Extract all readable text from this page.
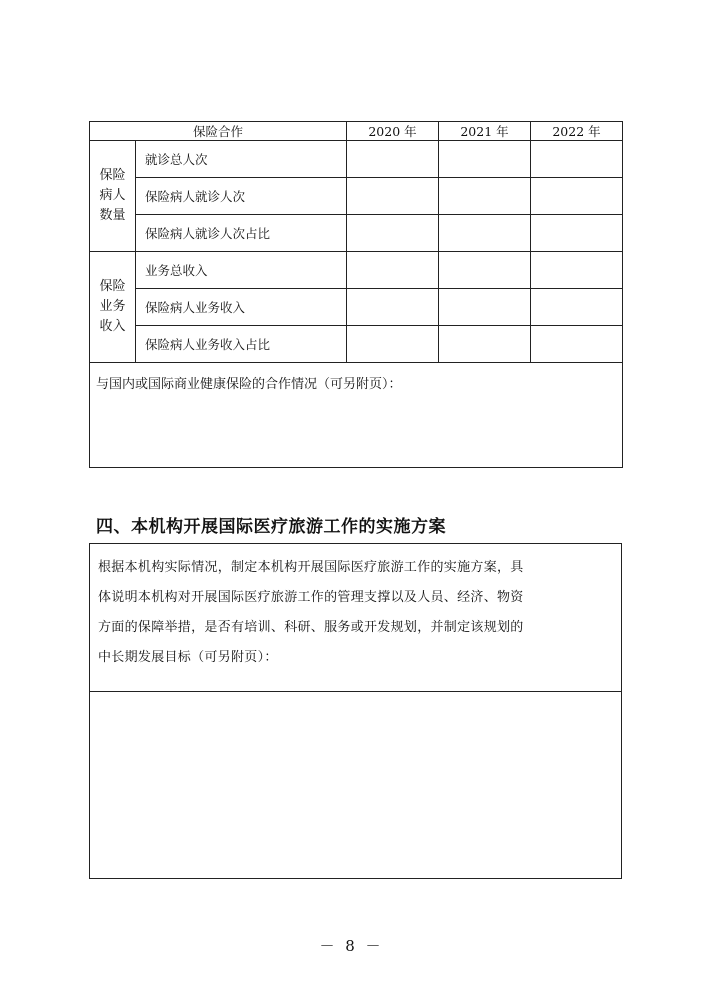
保险合作		2020 年	2021 年	2022 年

保险
病人
数量	就诊总人次			
	保险病人就诊人次			
	保险病人就诊人次占比			

保险
业务
收入	业务总收入			
	保险病人业务收入			
	保险病人业务收入占比			

与国内或国际商业健康保险的合作情况（可另附页）：				
四、本机构开展国际医疗旅游工作的实施方案
根据本机构实际情况，制定本机构开展国际医疗旅游工作的实施方案，具
体说明本机构对开展国际医疗旅游工作的管理支撑以及人员、经济、物资
方面的保障举措，是否有培训、科研、服务或开发规划，并制定该规划的
中长期发展目标（可另附页）：
－ 8 －
